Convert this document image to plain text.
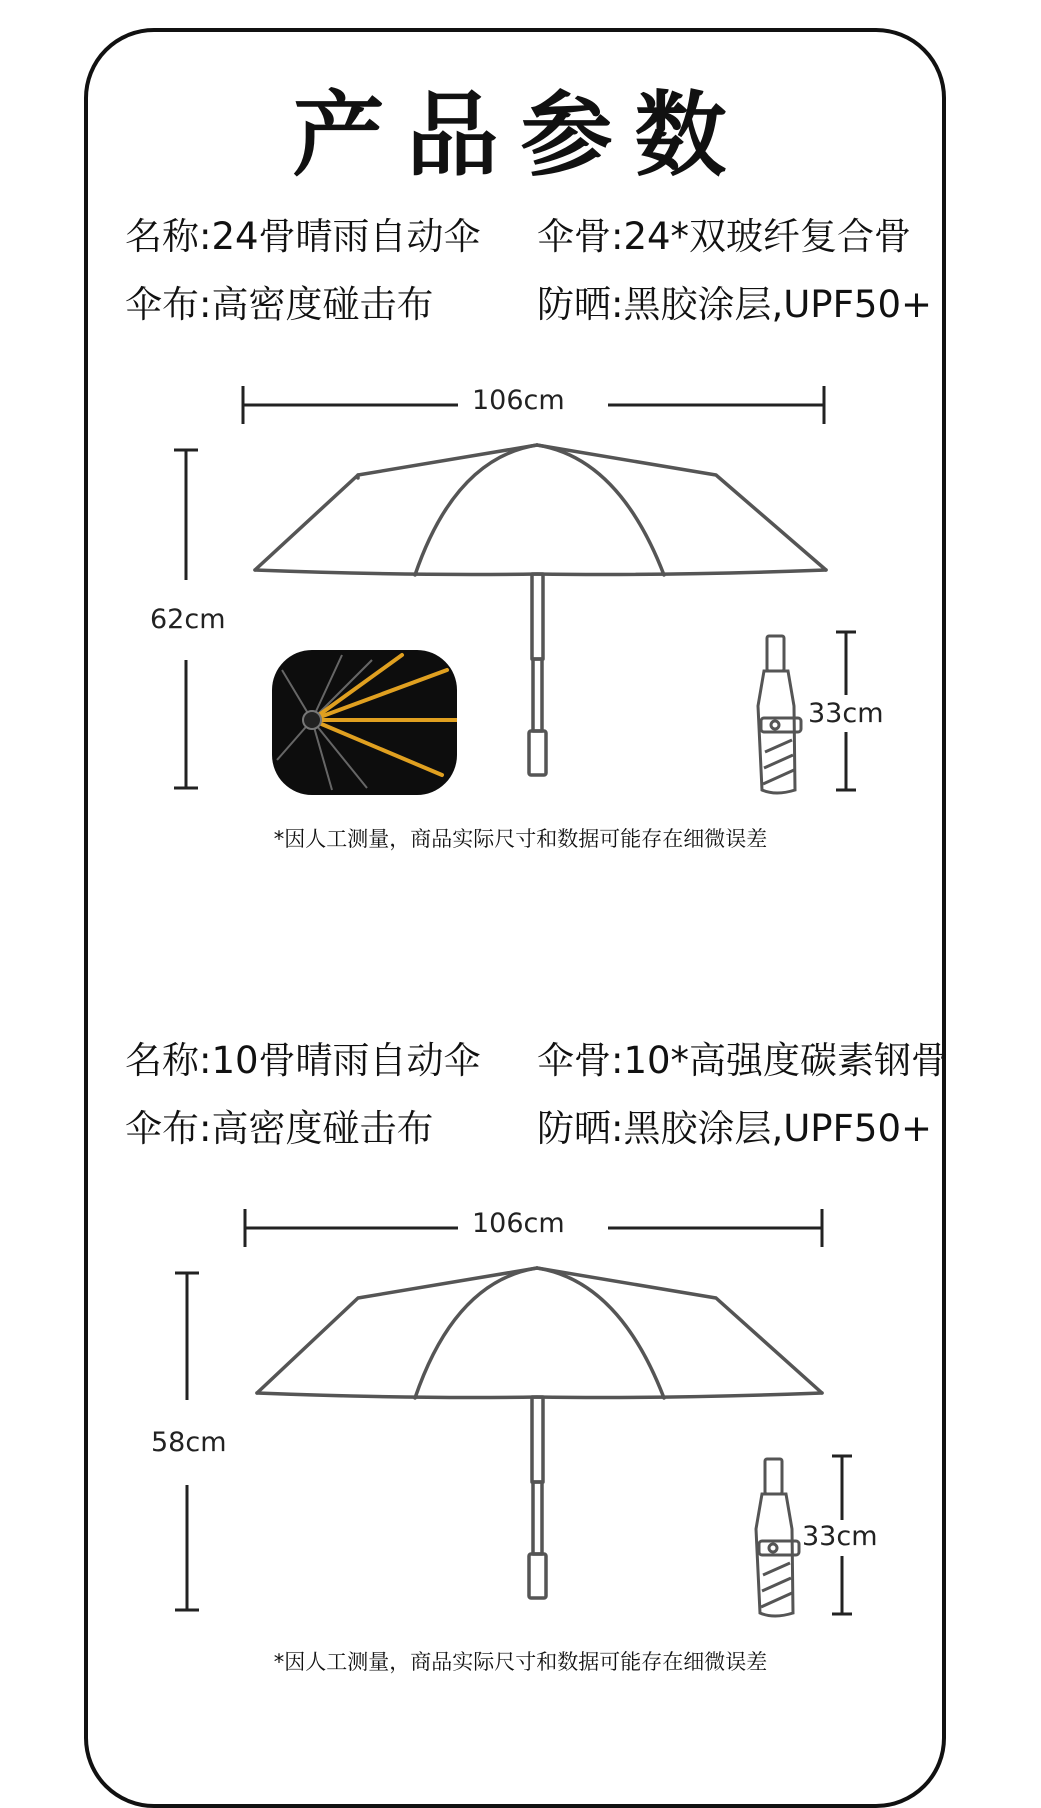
产品参数
名称:24骨晴雨自动伞 伞骨:24*双玻纤复合骨
伞布:高密度碰击布	防晒:黑胶涂层,UPF50+
106cm
62cm
33cm
*因人工测量，商品实际尺寸和数据可能存在细微误差
名称:10骨晴雨自动伞 伞骨:10*高强度碳素钢骨
伞布:高密度碰击布	防晒:黑胶涂层,UPF50+
106cm
58cm
33cm
*因人工测量，商品实际尺寸和数据可能存在细微误差
